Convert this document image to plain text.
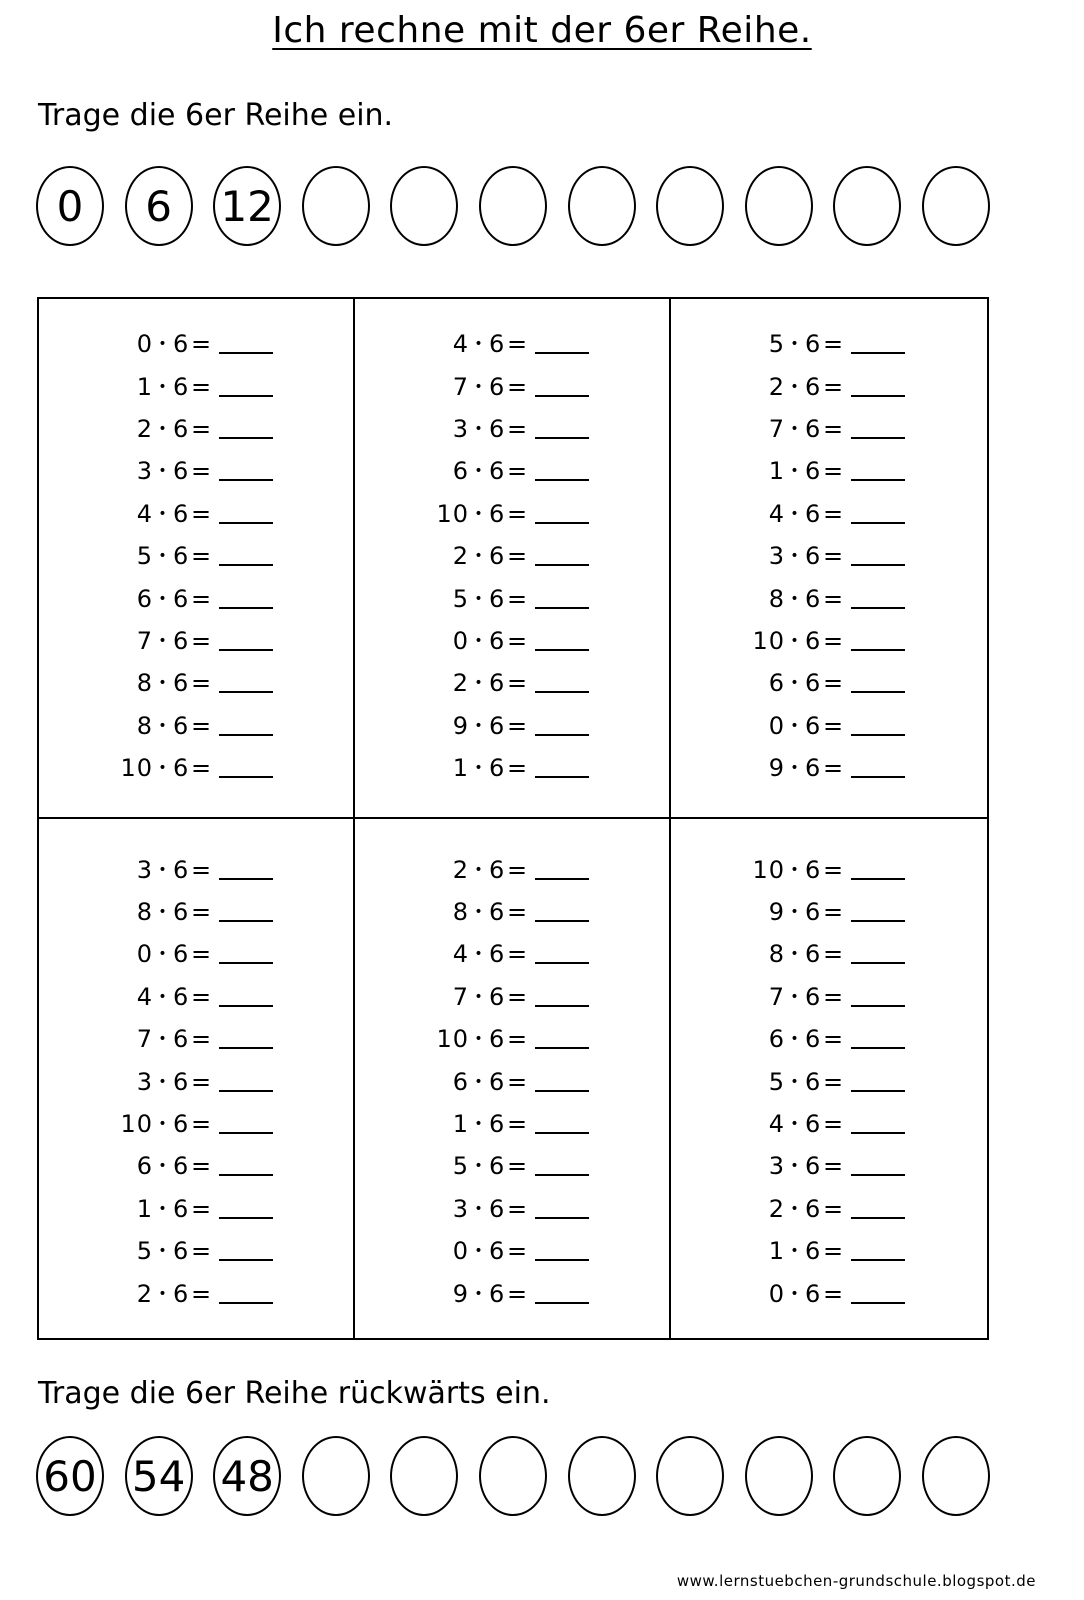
Ich rechne mit der 6er Reihe.
Trage die 6er Reihe ein.
0	6	12
0 • 6 =
1 • 6 =
2 • 6 =
3 • 6 =
4 • 6 =
5 • 6 =
6 • 6 =
7 • 6 =
8 • 6 =
8 • 6 =
10 • 6 =
4 • 6 =
7 • 6 =
3 • 6 =
6 • 6 =
10 • 6 =
2 • 6 =
5 • 6 =
0 • 6 =
2 • 6 =
9 • 6 =
1 • 6 =
5 • 6 =
2 • 6 =
7 • 6 =
1 • 6 =
4 • 6 =
3 • 6 =
8 • 6 =
10 • 6 =
6 • 6 =
0 • 6 =
9 • 6 =
3 • 6 =
8 • 6 =
0 • 6 =
4 • 6 =
7 • 6 =
3 • 6 =
10 • 6 =
6 • 6 =
1 • 6 =
5 • 6 =
2 • 6 =
2 • 6 =
8 • 6 =
4 • 6 =
7 • 6 =
10 • 6 =
6 • 6 =
1 • 6 =
5 • 6 =
3 • 6 =
0 • 6 =
9 • 6 =
10 • 6 =
9 • 6 =
8 • 6 =
7 • 6 =
6 • 6 =
5 • 6 =
4 • 6 =
3 • 6 =
2 • 6 =
1 • 6 =
0 • 6 =
Trage die 6er Reihe rückwärts ein.
60 54 48
www.lernstuebchen-grundschule.blogspot.de
